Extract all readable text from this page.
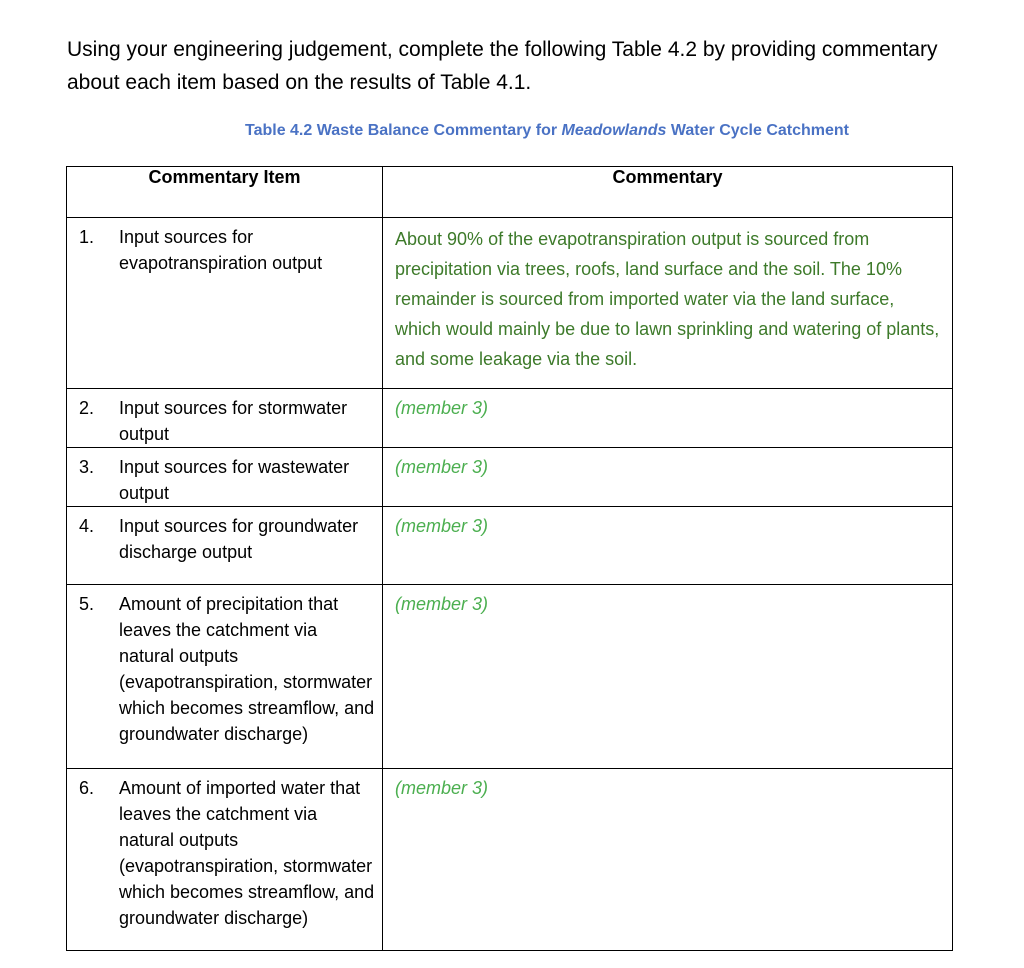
Using your engineering judgement, complete the following Table 4.2 by providing commentary about each item based on the results of Table 4.1.

Table 4.2 Waste Balance Commentary for Meadowlands Water Cycle Catchment

Commentary Item	Commentary

1. Input sources for evapotranspiration output	About 90% of the evapotranspiration output is sourced from precipitation via trees, roofs, land surface and the soil. The 10% remainder is sourced from imported water via the land surface, which would mainly be due to lawn sprinkling and watering of plants, and some leakage via the soil.

2. Input sources for stormwater output	(member 3)

3. Input sources for wastewater output	(member 3)

4. Input sources for groundwater discharge output	(member 3)

5. Amount of precipitation that leaves the catchment via natural outputs (evapotranspiration, stormwater which becomes streamflow, and groundwater discharge)	(member 3)

6. Amount of imported water that leaves the catchment via natural outputs (evapotranspiration, stormwater which becomes streamflow, and groundwater discharge)	(member 3)
